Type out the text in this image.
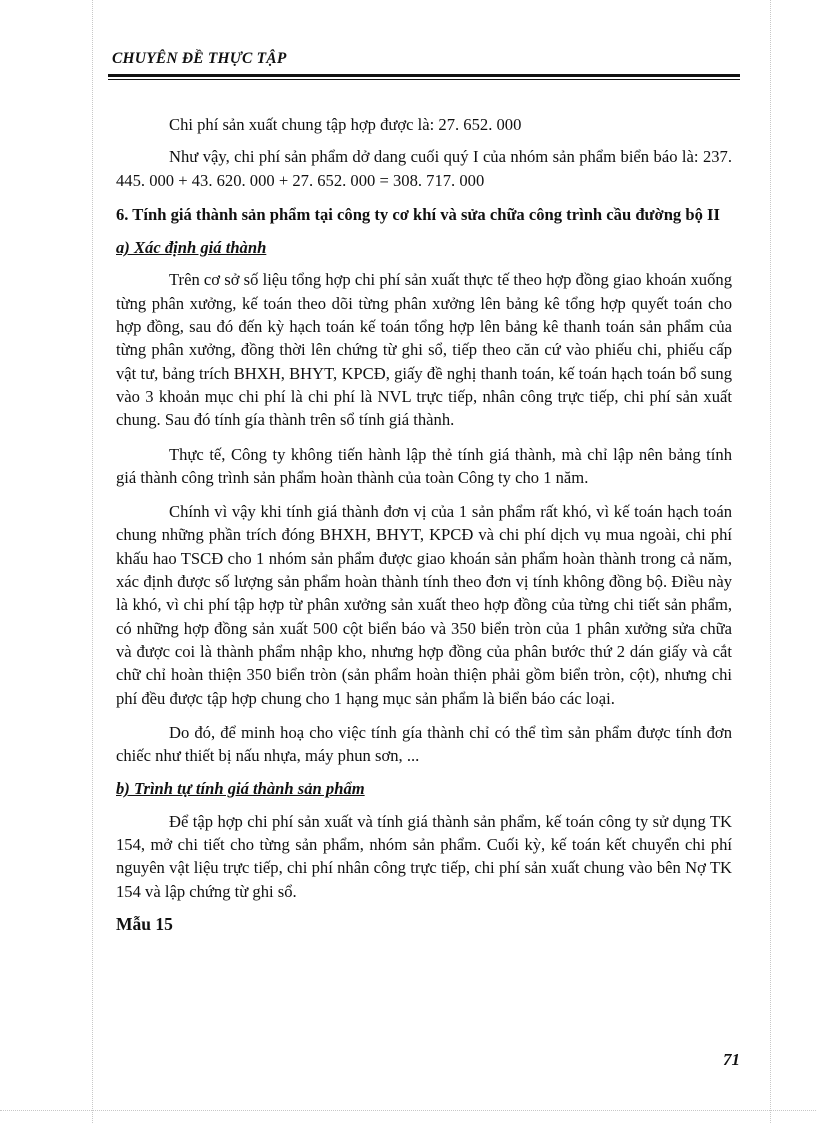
CHUYÊN ĐỀ THỰC TẬP

Chi phí sản xuất chung tập hợp được là: 27. 652. 000

Như vậy, chi phí sản phẩm dở dang cuối quý I của nhóm sản phẩm biển báo là: 237. 445. 000 + 43. 620. 000 + 27. 652. 000 = 308. 717. 000

6. Tính giá thành sản phẩm tại công ty cơ khí và sửa chữa công trình cầu đường bộ II

a) Xác định giá thành

Trên cơ sở số liệu tổng hợp chi phí sản xuất thực tế theo hợp đồng giao khoán xuống từng phân xưởng, kế toán theo dõi từng phân xưởng lên bảng kê tổng hợp quyết toán cho hợp đồng, sau đó đến kỳ hạch toán kế toán tổng hợp lên bảng kê thanh toán sản phẩm của từng phân xưởng, đồng thời lên chứng từ ghi sổ, tiếp theo căn cứ vào phiếu chi, phiếu cấp vật tư, bảng trích BHXH, BHYT, KPCĐ, giấy đề nghị thanh toán, kế toán hạch toán bổ sung vào 3 khoản mục chi phí là chi phí là NVL trực tiếp, nhân công trực tiếp, chi phí sản xuất chung. Sau đó tính gía thành trên sổ tính giá thành.

Thực tế, Công ty không tiến hành lập thẻ tính giá thành, mà chỉ lập nên bảng tính giá thành công trình sản phẩm hoàn thành của toàn Công ty cho 1 năm.

Chính vì vậy khi tính giá thành đơn vị của 1 sản phẩm rất khó, vì kế toán hạch toán chung những phần trích đóng BHXH, BHYT, KPCĐ và chi phí dịch vụ mua ngoài, chi phí khấu hao TSCĐ cho 1 nhóm sản phẩm được giao khoán sản phẩm hoàn thành trong cả năm, xác định được số lượng sản phẩm hoàn thành tính theo đơn vị tính không đồng bộ. Điều này là khó, vì chi phí tập hợp từ phân xưởng sản xuất theo hợp đồng của từng chi tiết sản phẩm, có những hợp đồng sản xuất 500 cột biển báo và 350 biển tròn của 1 phân xưởng sửa chữa và được coi là thành phẩm nhập kho, nhưng hợp đồng của phân bước thứ 2 dán giấy và cắt chữ chỉ hoàn thiện 350 biển tròn (sản phẩm hoàn thiện phải gồm biển tròn, cột), nhưng chi phí đều được tập hợp chung cho 1 hạng mục sản phẩm là biển báo các loại.

Do đó, để minh hoạ cho việc tính gía thành chỉ có thể tìm sản phẩm được tính đơn chiếc như thiết bị nấu nhựa, máy phun sơn, ...

b) Trình tự tính giá thành sản phẩm

Để tập hợp chi phí sản xuất và tính giá thành sản phẩm, kế toán công ty sử dụng TK 154, mở chi tiết cho từng sản phẩm, nhóm sản phẩm. Cuối kỳ, kế toán kết chuyển chi phí nguyên vật liệu trực tiếp, chi phí nhân công trực tiếp, chi phí sản xuất chung vào bên Nợ TK 154 và lập chứng từ ghi sổ.

Mẫu 15

71
